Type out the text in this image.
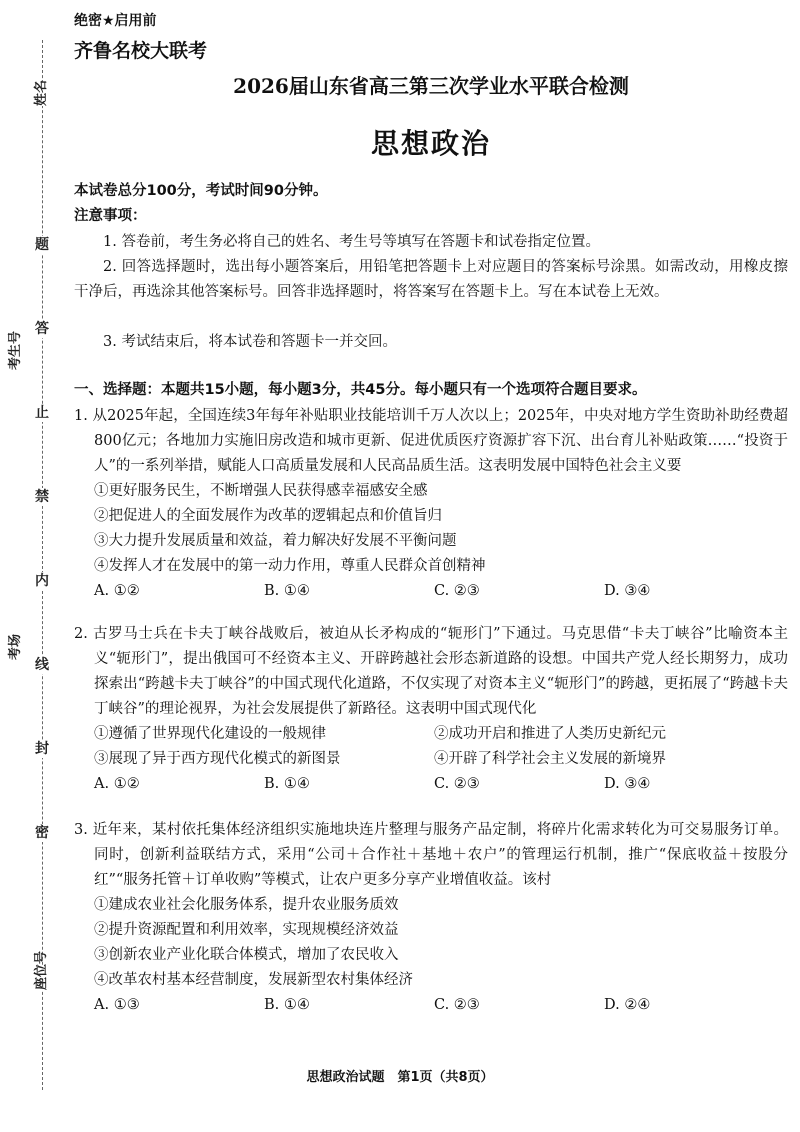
姓名
题
答
考生号
止
禁
内
考场
线
封
密
座位号
绝密★启用前
齐鲁名校大联考
2026届山东省高三第三次学业水平联合检测
思想政治
本试卷总分100分，考试时间90分钟。
注意事项：
1. 答卷前，考生务必将自己的姓名、考生号等填写在答题卡和试卷指定位置。
2. 回答选择题时，选出每小题答案后，用铅笔把答题卡上对应题目的答案标号涂黑。如需改动，用橡皮擦干净后，再选涂其他答案标号。回答非选择题时，将答案写在答题卡上。写在本试卷上无效。
3. 考试结束后，将本试卷和答题卡一并交回。
一、选择题：本题共15小题，每小题3分，共45分。每小题只有一个选项符合题目要求。
1. 从2025年起，全国连续3年每年补贴职业技能培训千万人次以上；2025年，中央对地方学生资助补助经费超800亿元；各地加力实施旧房改造和城市更新、促进优质医疗资源扩容下沉、出台育儿补贴政策……“投资于人”的一系列举措，赋能人口高质量发展和人民高品质生活。这表明发展中国特色社会主义要
①更好服务民生，不断增强人民获得感幸福感安全感
②把促进人的全面发展作为改革的逻辑起点和价值旨归
③大力提升发展质量和效益，着力解决好发展不平衡问题
④发挥人才在发展中的第一动力作用，尊重人民群众首创精神
A. ①②	B. ①④	C. ②③	D. ③④
2. 古罗马士兵在卡夫丁峡谷战败后，被迫从长矛构成的“轭形门”下通过。马克思借“卡夫丁峡谷”比喻资本主义“轭形门”，提出俄国可不经资本主义、开辟跨越社会形态新道路的设想。中国共产党人经长期努力，成功探索出“跨越卡夫丁峡谷”的中国式现代化道路，不仅实现了对资本主义“轭形门”的跨越，更拓展了“跨越卡夫丁峡谷”的理论视界，为社会发展提供了新路径。这表明中国式现代化
①遵循了世界现代化建设的一般规律	②成功开启和推进了人类历史新纪元
③展现了异于西方现代化模式的新图景	④开辟了科学社会主义发展的新境界
A. ①②	B. ①④	C. ②③	D. ③④
3. 近年来，某村依托集体经济组织实施地块连片整理与服务产品定制，将碎片化需求转化为可交易服务订单。同时，创新利益联结方式，采用“公司＋合作社＋基地＋农户”的管理运行机制，推广“保底收益＋按股分红”“服务托管＋订单收购”等模式，让农户更多分享产业增值收益。该村
①建成农业社会化服务体系，提升农业服务质效
②提升资源配置和利用效率，实现规模经济效益
③创新农业产业化联合体模式，增加了农民收入
④改革农村基本经营制度，发展新型农村集体经济
A. ①③	B. ①④	C. ②③	D. ②④
思想政治试题　第1页（共8页）
